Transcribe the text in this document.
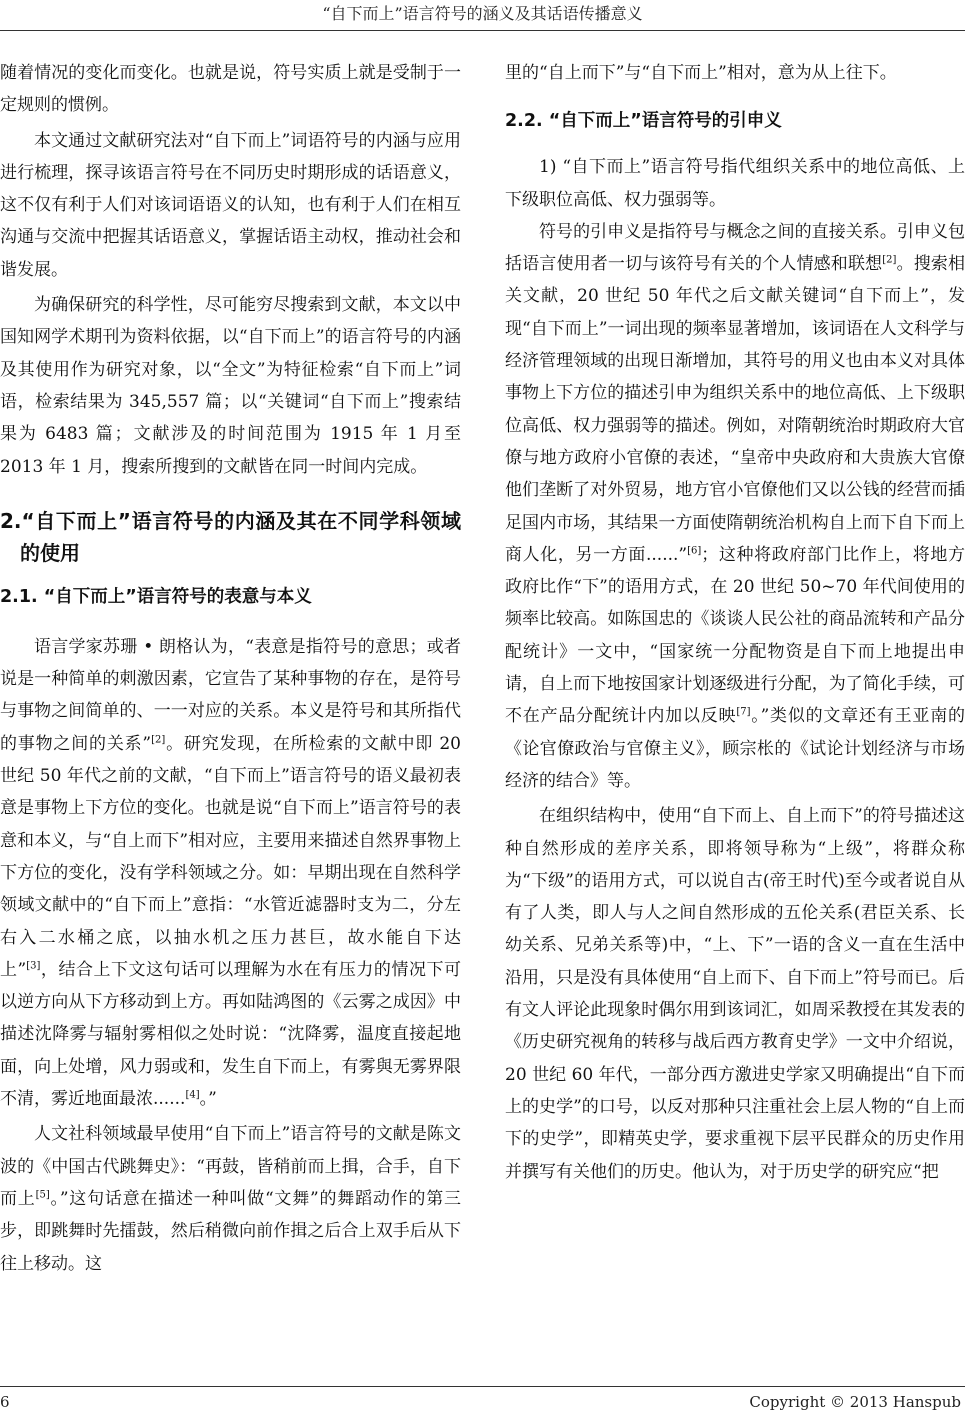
“自下而上”语言符号的涵义及其话语传播意义

随着情况的变化而变化。也就是说，符号实质上就是受制于一定规则的惯例。

本文通过文献研究法对“自下而上”词语符号的内涵与应用进行梳理，探寻该语言符号在不同历史时期形成的话语意义，这不仅有利于人们对该词语语义的认知，也有利于人们在相互沟通与交流中把握其话语意义，掌握话语主动权，推动社会和谐发展。

为确保研究的科学性，尽可能穷尽搜索到文献，本文以中国知网学术期刊为资料依据，以“自下而上”的语言符号的内涵及其使用作为研究对象，以“全文”为特征检索“自下而上”词语，检索结果为 345,557 篇；以“关键词“自下而上”搜索结果为 6483 篇；文献涉及的时间范围为 1915 年 1 月至 2013 年 1 月，搜索所搜到的文献皆在同一时间内完成。

2.“自下而上”语言符号的内涵及其在不同学科领域的使用
2.1. “自下而上”语言符号的表意与本义

语言学家苏珊 • 朗格认为，“表意是指符号的意思；或者说是一种简单的刺激因素，它宣告了某种事物的存在，是符号与事物之间简单的、一一对应的关系。本义是符号和其所指代的事物之间的关系”[2]。研究发现，在所检索的文献中即 20 世纪 50 年代之前的文献，“自下而上”语言符号的语义最初表意是事物上下方位的变化。也就是说“自下而上”语言符号的表意和本义，与“自上而下”相对应，主要用来描述自然界事物上下方位的变化，没有学科领域之分。如：早期出现在自然科学领域文献中的“自下而上”意指：“水管近滤器时支为二，分左右入二水桶之底，以抽水机之压力甚巨，故水能自下达上”[3]，结合上下文这句话可以理解为水在有压力的情况下可以逆方向从下方移动到上方。再如陆鸿图的《云雾之成因》中描述沈降雾与辐射雾相似之处时说：“沈降雾，温度直接起地面，向上处增，风力弱或和，发生自下而上，有雾與无雾界限不清，雾近地面最浓......[4]。”

人文社科领域最早使用“自下而上”语言符号的文献是陈文波的《中国古代跳舞史》：“再鼓，皆稍前而上揖，合手，自下而上[5]。”这句话意在描述一种叫做“文舞”的舞蹈动作的第三步，即跳舞时先擂鼓，然后稍微向前作揖之后合上双手后从下往上移动。这

里的“自上而下”与“自下而上”相对，意为从上往下。

2.2. “自下而上”语言符号的引申义

1) “自下而上”语言符号指代组织关系中的地位高低、上下级职位高低、权力强弱等。

符号的引申义是指符号与概念之间的直接关系。引申义包括语言使用者一切与该符号有关的个人情感和联想[2]。搜索相关文献，20 世纪 50 年代之后文献关键词“自下而上”，发现“自下而上”一词出现的频率显著增加，该词语在人文科学与经济管理领域的出现日渐增加，其符号的用义也由本义对具体事物上下方位的描述引申为组织关系中的地位高低、上下级职位高低、权力强弱等的描述。例如，对隋朝统治时期政府大官僚与地方政府小官僚的表述，“皇帝中央政府和大贵族大官僚他们垄断了对外贸易，地方官小官僚他们又以公钱的经营而插足国内市场，其结果一方面使隋朝统治机构自上而下自下而上商人化，另一方面......”[6]；这种将政府部门比作上，将地方政府比作“下”的语用方式，在 20 世纪 50~70 年代间使用的频率比较高。如陈国忠的《谈谈人民公社的商品流转和产品分配统计》一文中，“国家统一分配物资是自下而上地提出申请，自上而下地按国家计划逐级进行分配，为了简化手续，可不在产品分配统计内加以反映[7]。”类似的文章还有王亚南的《论官僚政治与官僚主义》，顾宗枨的《试论计划经济与市场经济的结合》等。

在组织结构中，使用“自下而上、自上而下”的符号描述这种自然形成的差序关系，即将领导称为“上级”，将群众称为“下级”的语用方式，可以说自古(帝王时代)至今或者说自从有了人类，即人与人之间自然形成的五伦关系(君臣关系、长幼关系、兄弟关系等)中，“上、下”一语的含义一直在生活中沿用，只是没有具体使用“自上而下、自下而上”符号而已。后有文人评论此现象时偶尔用到该词汇，如周采教授在其发表的《历史研究视角的转移与战后西方教育史学》一文中介绍说，20 世纪 60 年代，一部分西方激进史学家又明确提出“自下而上的史学”的口号，以反对那种只注重社会上层人物的“自上而下的史学”，即精英史学，要求重视下层平民群众的历史作用并撰写有关他们的历史。他认为，对于历史学的研究应“把

6	Copyright © 2013 Hanspub
